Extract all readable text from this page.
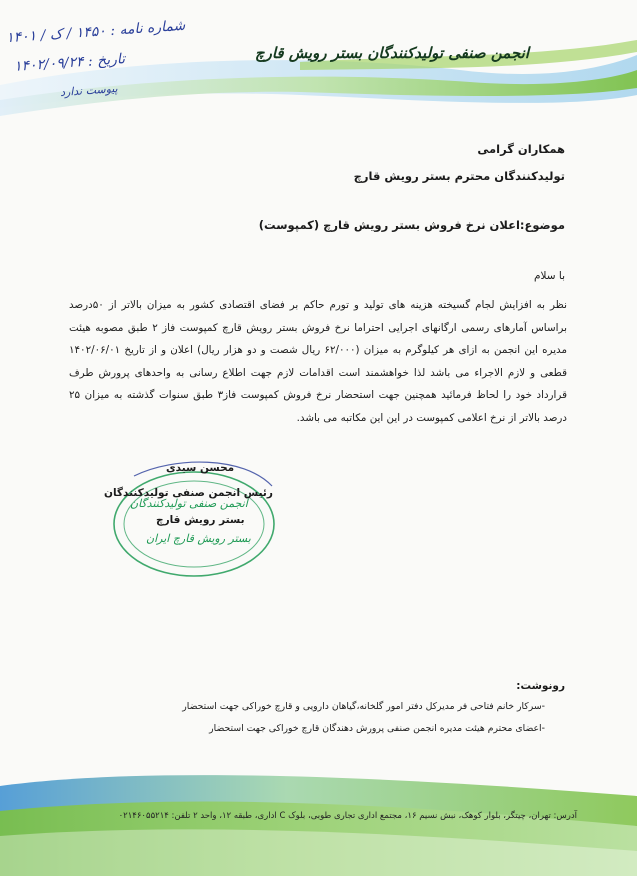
انجمن صنفی تولیدکنندگان بستر رویش قارچ
شماره نامه : ۱۴۵۰ / ک / ۱۴۰۱
تاریخ : ۱۴۰۲/۰۹/۲۴
پیوست ندارد
همکاران گرامی
تولیدکنندگان محترم بستر رویش قارچ
موضوع:اعلان نرخ فروش بستر رویش قارچ (کمپوست)
با سلام
نظر به افزایش لجام گسیخته هزینه های تولید و تورم حاکم بر فضای اقتصادی کشور به میزان بالاتر از ۵۰درصد براساس آمارهای رسمی ارگانهای اجرایی احتراما نرخ فروش بستر رویش قارچ کمپوست فاز ۲ طبق مصوبه هیئت مدیره این انجمن به ازای هر کیلوگرم به میزان (۶۲/۰۰۰ ریال شصت و دو هزار ریال) اعلان و از تاریخ ۱۴۰۲/۰۶/۰۱ قطعی و لازم الاجراء می باشد لذا خواهشمند است اقدامات لازم جهت اطلاع رسانی به واحدهای پرورش طرف قرارداد خود را لحاظ فرمائید همچنین جهت استحضار نرخ فروش کمپوست فاز۳ طبق سنوات گذشته به میزان ۲۵ درصد بالاتر از نرخ اعلامی کمپوست در این این مکاتبه می باشد.
انجمن صنفی تولیدکنندگان
بستر رویش قارچ ایران
محسن سیدی
رئیس انجمن صنفی تولیدکنندگان
بستر رویش قارچ
رونوشت:
-سرکار خانم فتاحی فر مدیرکل دفتر امور گلخانه،گیاهان دارویی و قارچ خوراکی جهت استحضار
-اعضای محترم هیئت مدیره انجمن صنفی پرورش دهندگان قارچ خوراکی جهت استحضار
آدرس: تهران، چیتگر، بلوار کوهک، نبش نسیم ۱۶، مجتمع اداری تجاری طوبی، بلوک C اداری، طبقه ۱۲، واحد ۲ تلفن: ۰۲۱۴۶۰۵۵۲۱۴
